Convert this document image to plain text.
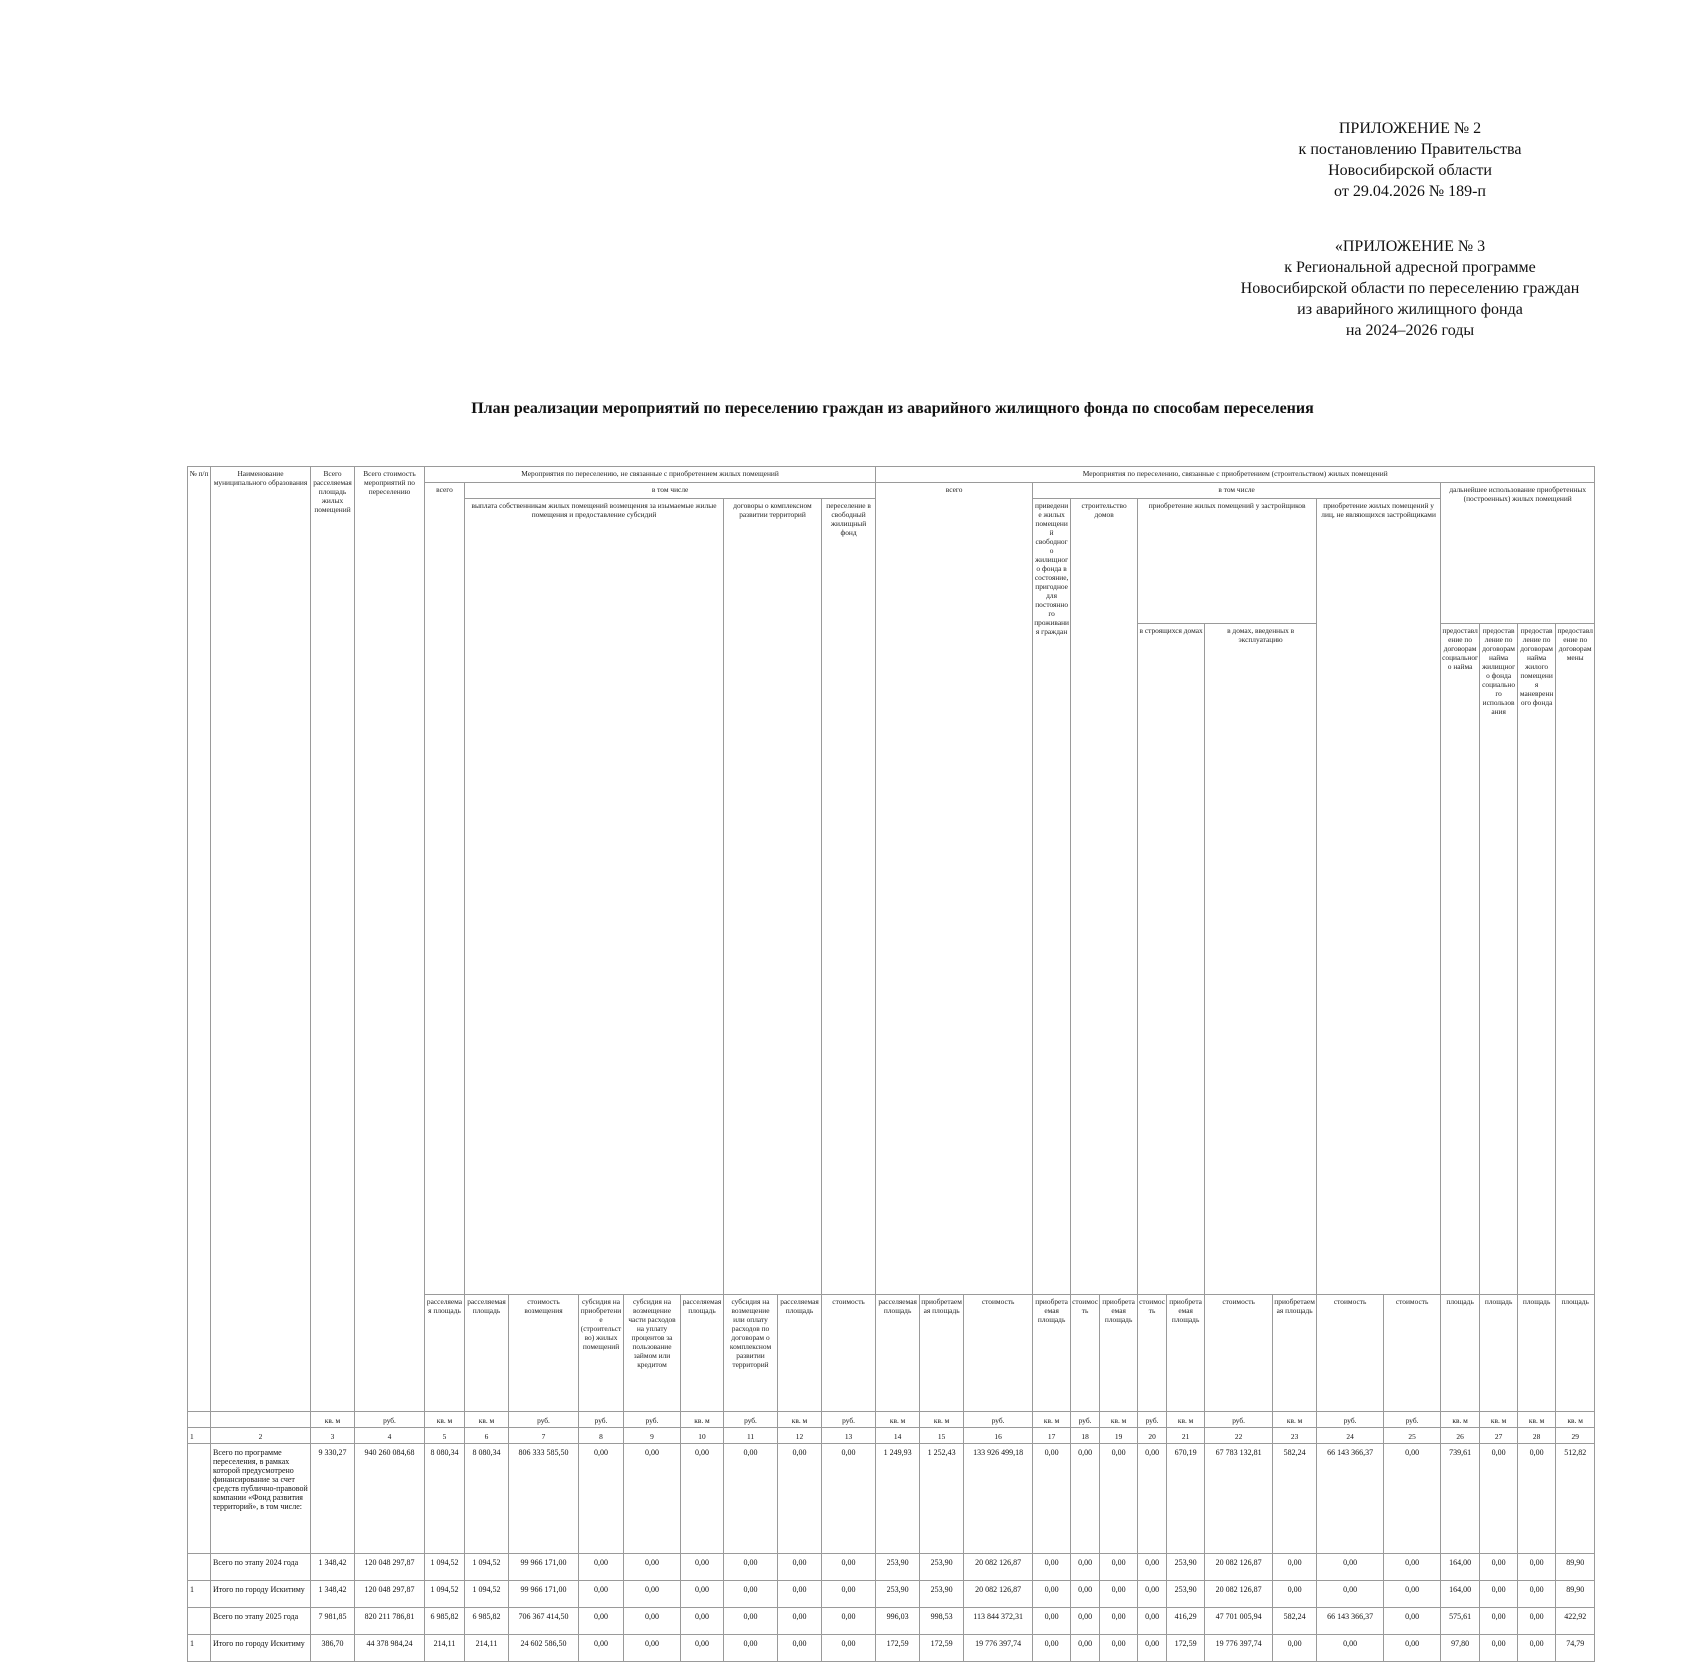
ПРИЛОЖЕНИЕ № 2
к постановлению Правительства
Новосибирской области
от 29.04.2026 № 189-п
«ПРИЛОЖЕНИЕ № 3
к Региональной адресной программе
Новосибирской области по переселению граждан
из аварийного жилищного фонда
на 2024–2026 годы
План реализации мероприятий по переселению граждан из аварийного жилищного фонда по способам переселения
№ п/п	Наименование муниципального образования	Всего расселяемая площадь жилых помещений	Всего стоимость мероприятий по переселению	Мероприятия по переселению, не связанные с приобретением жилых помещений									Мероприятия по переселению, связанные с приобретением (строительством) жилых помещений																
				всего	в том числе								всего			в том числе									дальнейшее использование приобретенных (построенных) жилых помещений				
					выплата собственникам жилых помещений возмещения за изымаемые жилые помещения и предоставление субсидий					договоры о комплексном развитии территорий		переселение в свободный жилищный фонд				приведение жилых помещений свободного жилищного фонда в состояние, пригодное для постоянного проживания граждан	строительство домов		приобретение жилых помещений у застройщиков				приобретение жилых помещений у лиц, не являющихся застройщиками	
																			в строящихся домах		в домах, введенных в эксплуатацию				предоставление по договорам социального найма	предоставление по договорам найма жилищного фонда социального использования	предоставление по договорам найма жилого помещения маневренного фонда	предоставление по договорам мены	
				расселяемая площадь	расселяемая площадь	стоимость возмещения	субсидия на приобретение (строительство) жилых помещений	субсидия на возмещение части расходов на уплату процентов за пользование займом или кредитом	расселяемая площадь	субсидия на возмещение или оплату расходов по договорам о комплексном развитии территорий	расселяемая площадь	стоимость	расселяемая площадь	приобретаемая площадь	стоимость	приобретаемая площадь	стоимость	приобретаемая площадь	стоимость	приобретаемая площадь	стоимость	приобретаемая площадь	стоимость	стоимость	площадь	площадь	площадь	площадь	
		кв. м	руб.	кв. м	кв. м	руб.	руб.	руб.	кв. м	руб.	кв. м	руб.	кв. м	кв. м	руб.	кв. м	руб.	кв. м	руб.	кв. м	руб.	кв. м	руб.	руб.	кв. м	кв. м	кв. м	кв. м	
1	2	3	4	5	6	7	8	9	10	11	12	13	14	15	16	17	18	19	20	21	22	23	24	25	26	27	28	29	
	Всего по программе переселения, в рамках которой предусмотрено финансирование за счет средств публично-правовой компании «Фонд развития территорий», в том числе:	9 330,27	940 260 084,68	8 080,34	8 080,34	806 333 585,50	0,00	0,00	0,00	0,00	0,00	0,00	1 249,93	1 252,43	133 926 499,18	0,00	0,00	0,00	0,00	670,19	67 783 132,81	582,24	66 143 366,37	0,00	739,61	0,00	0,00	512,82	
	Всего по этапу 2024 года	1 348,42	120 048 297,87	1 094,52	1 094,52	99 966 171,00	0,00	0,00	0,00	0,00	0,00	0,00	253,90	253,90	20 082 126,87	0,00	0,00	0,00	0,00	253,90	20 082 126,87	0,00	0,00	0,00	164,00	0,00	0,00	89,90	
1	Итого по городу Искитиму	1 348,42	120 048 297,87	1 094,52	1 094,52	99 966 171,00	0,00	0,00	0,00	0,00	0,00	0,00	253,90	253,90	20 082 126,87	0,00	0,00	0,00	0,00	253,90	20 082 126,87	0,00	0,00	0,00	164,00	0,00	0,00	89,90	
	Всего по этапу 2025 года	7 981,85	820 211 786,81	6 985,82	6 985,82	706 367 414,50	0,00	0,00	0,00	0,00	0,00	0,00	996,03	998,53	113 844 372,31	0,00	0,00	0,00	0,00	416,29	47 701 005,94	582,24	66 143 366,37	0,00	575,61	0,00	0,00	422,92	
1	Итого по городу Искитиму	386,70	44 378 984,24	214,11	214,11	24 602 586,50	0,00	0,00	0,00	0,00	0,00	0,00	172,59	172,59	19 776 397,74	0,00	0,00	0,00	0,00	172,59	19 776 397,74	0,00	0,00	0,00	97,80	0,00	0,00	74,79	
